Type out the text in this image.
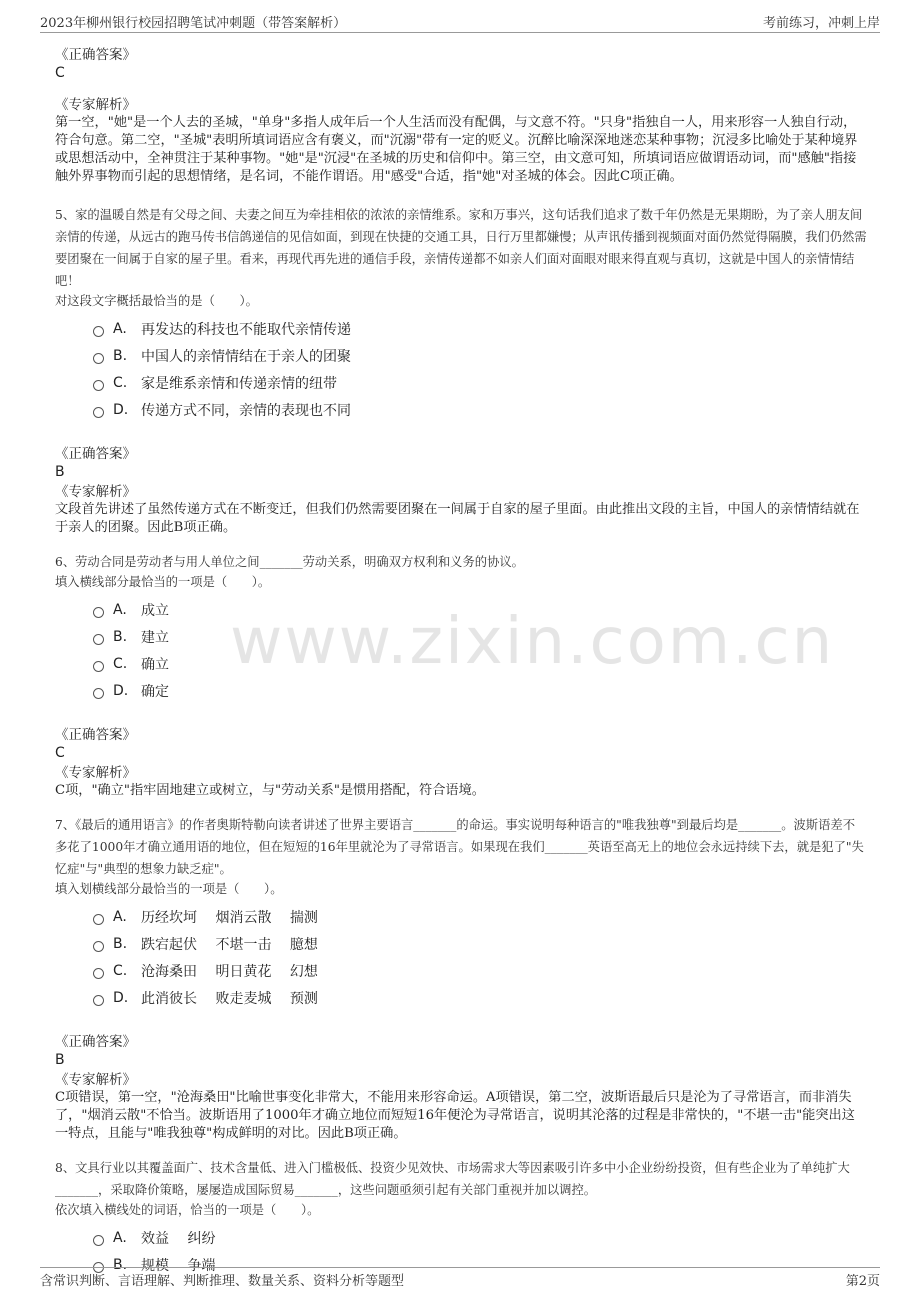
2023年柳州银行校园招聘笔试冲刺题（带答案解析）	考前练习，冲刺上岸
www.zixin.com.cn
《正确答案》
C
《专家解析》
第一空，"她"是一个人去的圣城，"单身"多指人成年后一个人生活而没有配偶，与文意不符。"只身"指独自一人，用来形容一人独自行动，符合句意。第二空，"圣城"表明所填词语应含有褒义，而"沉溺"带有一定的贬义。沉醉比喻深深地迷恋某种事物；沉浸多比喻处于某种境界或思想活动中，全神贯注于某种事物。"她"是"沉浸"在圣城的历史和信仰中。第三空，由文意可知，所填词语应做谓语动词，而"感触"指接触外界事物而引起的思想情绪，是名词，不能作谓语。用"感受"合适，指"她"对圣城的体会。因此C项正确。
5、家的温暖自然是有父母之间、夫妻之间互为牵挂相依的浓浓的亲情维系。家和万事兴，这句话我们追求了数千年仍然是无果期盼，为了亲人朋友间亲情的传递，从远古的跑马传书信鸽递信的见信如面，到现在快捷的交通工具，日行万里都嫌慢；从声讯传播到视频面对面仍然觉得隔膜，我们仍然需要团聚在一间属于自家的屋子里。看来，再现代再先进的通信手段，亲情传递都不如亲人们面对面眼对眼来得直观与真切，这就是中国人的亲情情结吧！
对这段文字概括最恰当的是（　　）。
A.	再发达的科技也不能取代亲情传递
B. 中国人的亲情情结在于亲人的团聚
C. 家是维系亲情和传递亲情的纽带
D. 传递方式不同，亲情的表现也不同
《正确答案》
B
《专家解析》
文段首先讲述了虽然传递方式在不断变迁，但我们仍然需要团聚在一间属于自家的屋子里面。由此推出文段的主旨，中国人的亲情情结就在于亲人的团聚。因此B项正确。
6、劳动合同是劳动者与用人单位之间_______劳动关系，明确双方权利和义务的协议。
填入横线部分最恰当的一项是（　　）。
A.	成立
B. 建立
C. 确立
D. 确定
《正确答案》
C
《专家解析》
C项，"确立"指牢固地建立或树立，与"劳动关系"是惯用搭配，符合语境。
7、《最后的通用语言》的作者奥斯特勒向读者讲述了世界主要语言_______的命运。事实说明每种语言的"唯我独尊"到最后均是_______。波斯语差不多花了1000年才确立通用语的地位，但在短短的16年里就沦为了寻常语言。如果现在我们_______英语至高无上的地位会永远持续下去，就是犯了"失忆症"与"典型的想象力缺乏症"。
填入划横线部分最恰当的一项是（　　）。
A.	历经坎坷　 烟消云散　 揣测
B. 跌宕起伏　 不堪一击　 臆想
C. 沧海桑田　 明日黄花　 幻想
D. 此消彼长　 败走麦城　 预测
《正确答案》
B
《专家解析》
C项错误，第一空，"沧海桑田"比喻世事变化非常大，不能用来形容命运。A项错误，第二空，波斯语最后只是沦为了寻常语言，而非消失了，"烟消云散"不恰当。波斯语用了1000年才确立地位而短短16年便沦为寻常语言，说明其沦落的过程是非常快的，"不堪一击"能突出这一特点，且能与"唯我独尊"构成鲜明的对比。因此B项正确。
8、文具行业以其覆盖面广、技术含量低、进入门槛极低、投资少见效快、市场需求大等因素吸引许多中小企业纷纷投资，但有些企业为了单纯扩大_______，采取降价策略，屡屡造成国际贸易_______，这些问题亟须引起有关部门重视并加以调控。
依次填入横线处的词语，恰当的一项是（　　）。
A.	效益　 纠纷
B. 规模　 争端
含常识判断、言语理解、判断推理、数量关系、资料分析等题型	第2页
